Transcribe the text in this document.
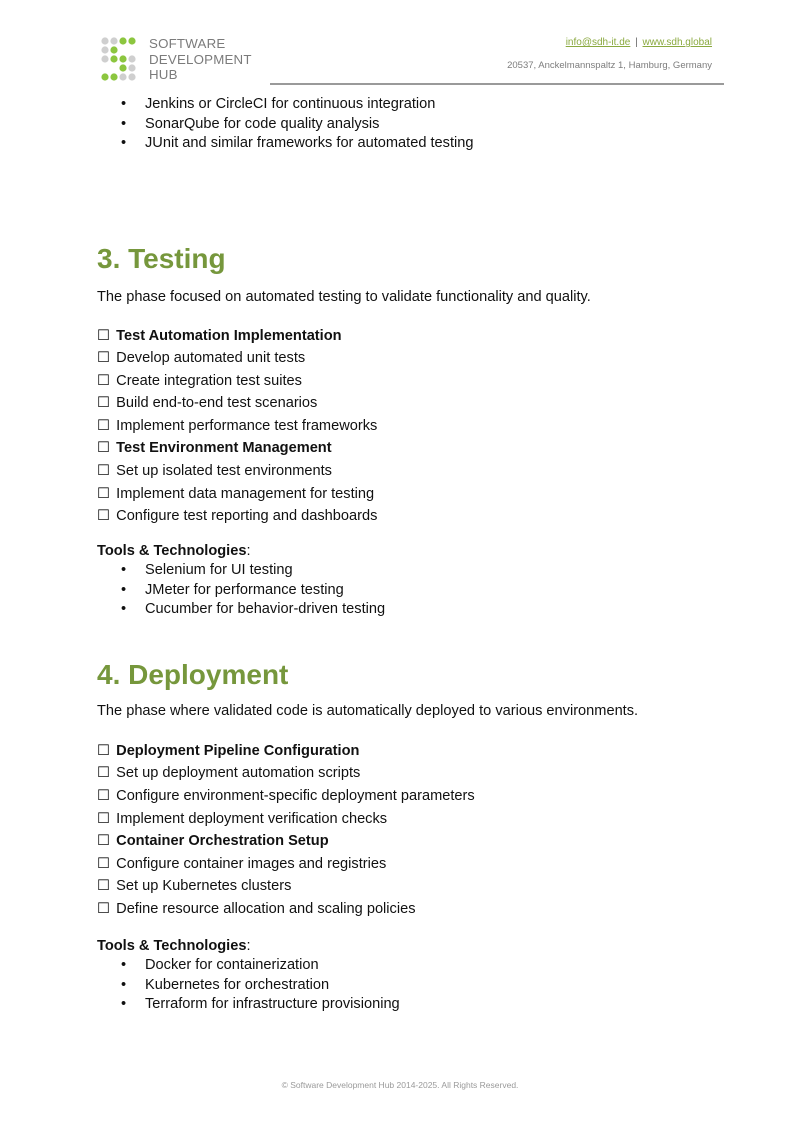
SOFTWARE
DEVELOPMENT
HUB
info@sdh-it.de | www.sdh.global
20537, Anckelmannspaltz 1, Hamburg, Germany
• Jenkins or CircleCI for continuous integration
• SonarQube for code quality analysis
• JUnit and similar frameworks for automated testing
3. Testing

The phase focused on automated testing to validate functionality and quality.

☐ Test Automation Implementation
☐ Develop automated unit tests
☐ Create integration test suites
☐ Build end-to-end test scenarios
☐ Implement performance test frameworks
☐ Test Environment Management
☐ Set up isolated test environments
☐ Implement data management for testing
☐ Configure test reporting and dashboards
Tools & Technologies:
• Selenium for UI testing
• JMeter for performance testing
• Cucumber for behavior-driven testing
4. Deployment

The phase where validated code is automatically deployed to various environments.

☐ Deployment Pipeline Configuration
☐ Set up deployment automation scripts
☐ Configure environment-specific deployment parameters
☐ Implement deployment verification checks
☐ Container Orchestration Setup
☐ Configure container images and registries
☐ Set up Kubernetes clusters
☐ Define resource allocation and scaling policies
Tools & Technologies:
• Docker for containerization
• Kubernetes for orchestration
• Terraform for infrastructure provisioning
© Software Development Hub 2014-2025. All Rights Reserved.
